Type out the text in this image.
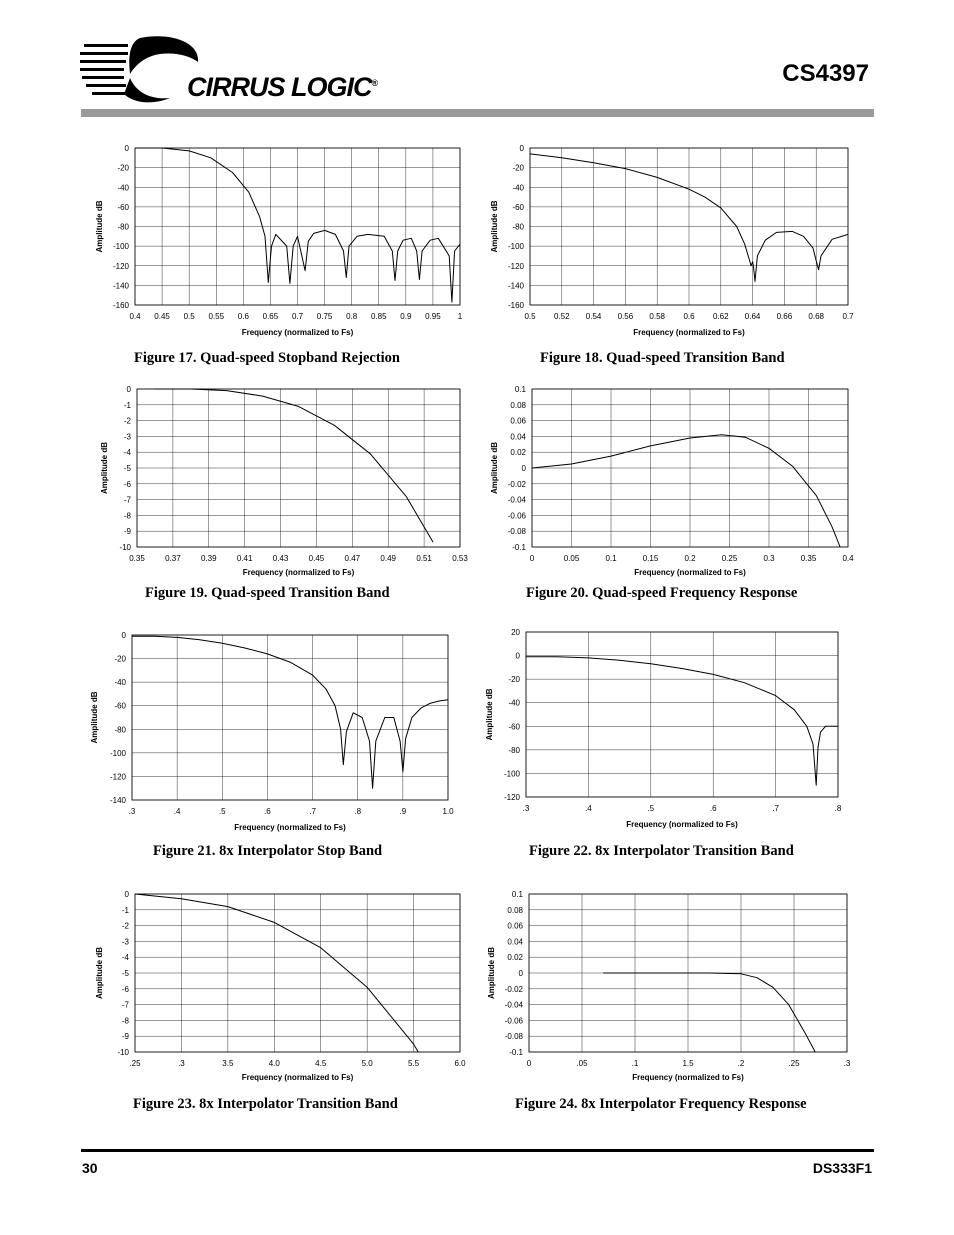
CIRRUS LOGIC®	CS4397
0.4 0.45 0.5 0.55 0.6 0.65 0.7 0.75 0.8 0.85 0.9 0.95 1
0
-20
-40
-60
-80
-100
-120
-140
-160
Frequency (normalized to Fs)
Amplitude dB
Figure 17. Quad-speed Stopband Rejection
0.5 0.52 0.54 0.56 0.58 0.6 0.62 0.64 0.66 0.68 0.7
0
-20
-40
-60
-80
-100
-120
-140
-160
Frequency (normalized to Fs)
Amplitude dB
Figure 18. Quad-speed Transition Band
0.35	0.37	0.39	0.41	0.43	0.45	0.47	0.49	0.51	0.53
0
-1
-2
-3
-4
-5
-6
-7
-8
-9
-10
Frequency (normalized to Fs)
Amplitude dB
Figure 19. Quad-speed Transition Band
0	0.05	0.1	0.15	0.2	0.25	0.3	0.35	0.4
0.1
0.08
0.06
0.04
0.02
0
-0.02
-0.04
-0.06
-0.08
-0.1
Frequency (normalized to Fs)
Amplitude dB
Figure 20. Quad-speed Frequency Response
.3	.4	.5	.6	.7	.8	.9	1.0
0
-20
-40
-60
-80
-100
-120
-140
Frequency (normalized to Fs)
Amplitude dB
Figure 21. 8x Interpolator Stop Band
.3	.4	.5	.6	.7	.8
20
0
-20
-40
-60
-80
-100
-120
Frequency (normalized to Fs)
Amplitude dB
Figure 22. 8x Interpolator Transition Band
.25	.3	3.5	4.0	4.5	5.0	5.5	6.0
0
-1
-2
-3
-4
-5
-6
-7
-8
-9
-10
Frequency (normalized to Fs)
Amplitude dB
Figure 23. 8x Interpolator Transition Band
0	.05	.1	1.5	.2	.25	.3
0.1
0.08
0.06
0.04
0.02
0
-0.02
-0.04
-0.06
-0.08
-0.1
Frequency (normalized to Fs)
Amplitude dB
Figure 24. 8x Interpolator Frequency Response
30	DS333F1
